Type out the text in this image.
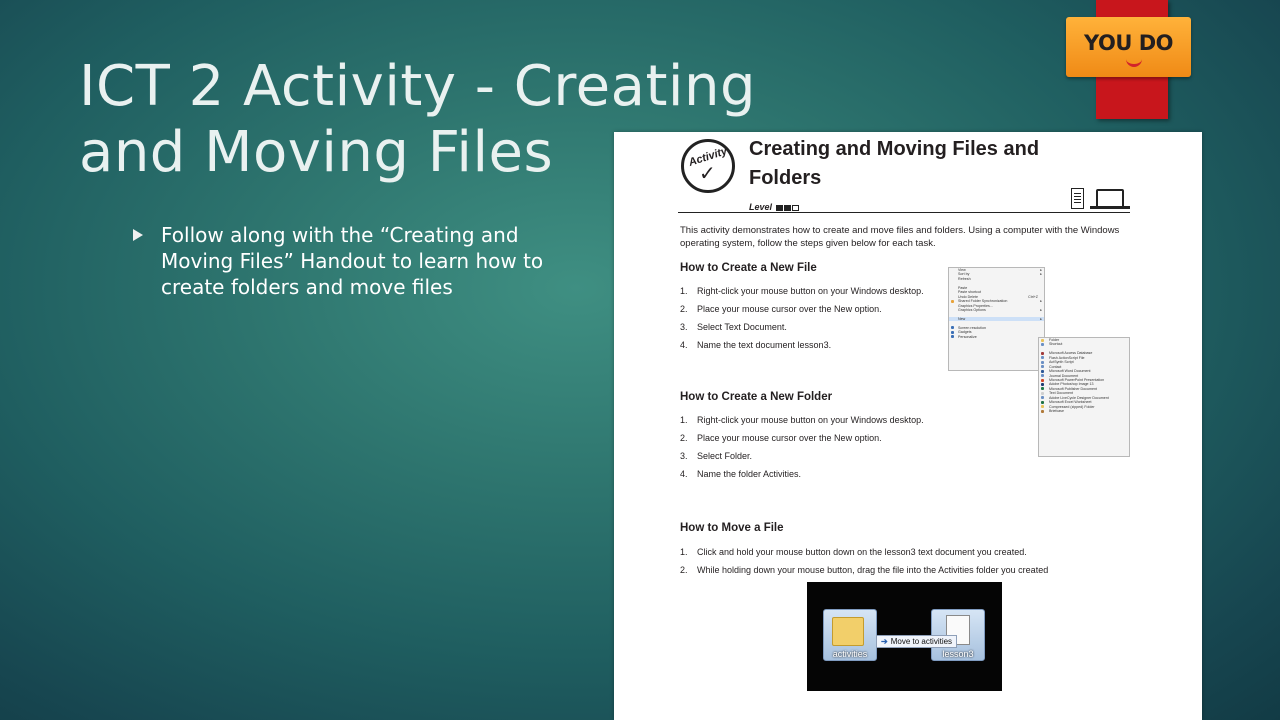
ICT 2 Activity - Creating and Moving Files
Follow along with the “Creating and Moving Files” Handout to learn how to create folders and move files
YOU DO
Activity
✓
Creating and Moving Files and Folders
Level

This activity demonstrates how to create and move files and folders. Using a computer with the Windows operating system, follow the steps given below for each task.

How to Create a New File
1. Right-click your mouse button on your Windows desktop.
2. Place your mouse cursor over the New option.
3. Select Text Document.
4. Name the text document lesson3.
View	▸
Sort by	▸
Refresh
Paste
Paste shortcut
Undo Delete	Ctrl+Z
Shared Folder Synchronization	▸
Graphics Properties...
Graphics Options	▸
New	▸
Screen resolution
Gadgets
Personalize
Folder
Shortcut
Microsoft Access Database
Flash ActionScript File
ActSynth Script
Contact
Microsoft Word Document
Journal Document
Microsoft PowerPoint Presentation
Adobe Photoshop Image 13
Microsoft Publisher Document
Text Document
Adobe LiveCycle Designer Document
Microsoft Excel Worksheet
Compressed (zipped) Folder
Briefcase
How to Create a New Folder
1. Right-click your mouse button on your Windows desktop.
2. Place your mouse cursor over the New option.
3. Select Folder.
4. Name the folder Activities.
How to Move a File
1. Click and hold your mouse button down on the lesson3 text document you created.
2. While holding down your mouse button, drag the file into the Activities folder you created
activities	lesson3
➔ Move to activities
